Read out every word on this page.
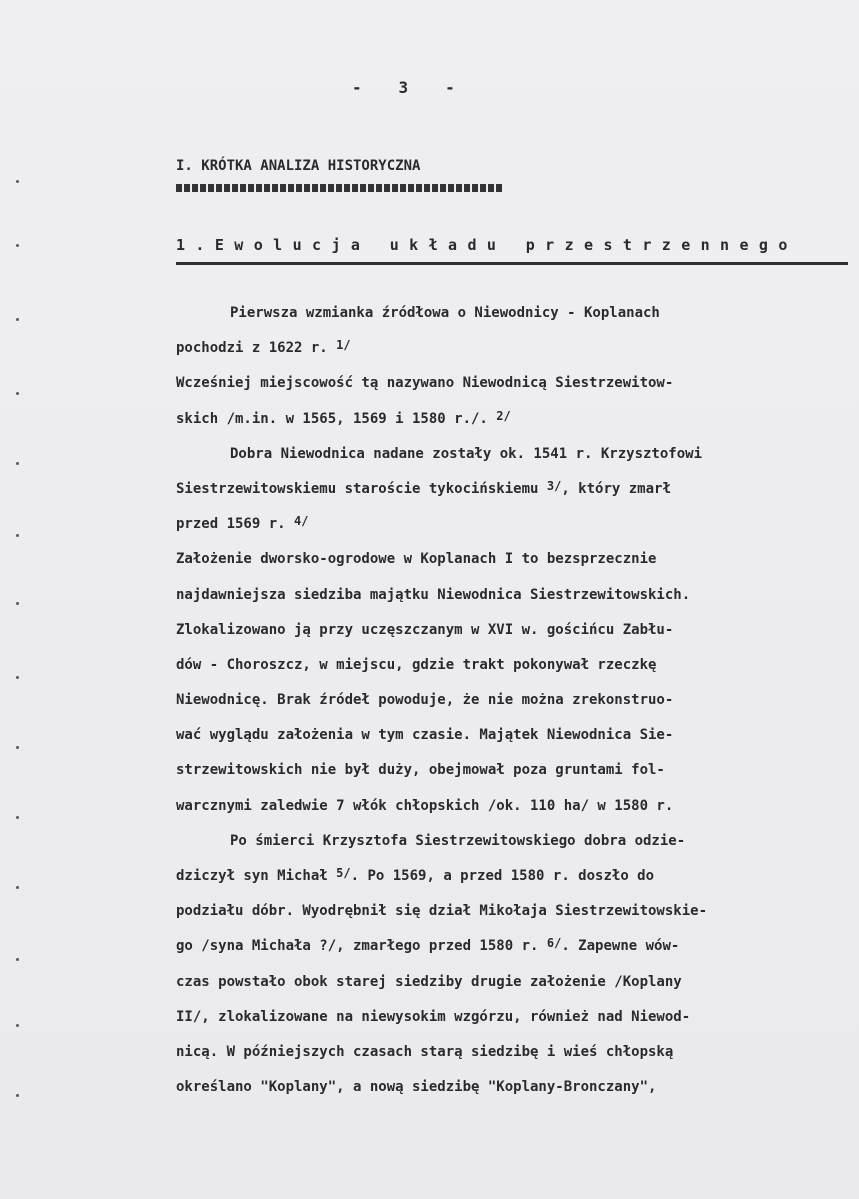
-   3   -
I. KRÓTKA ANALIZA HISTORYCZNA
1.Ewolucja układu przestrzennego
Pierwsza wzmianka źródłowa o Niewodnicy - Koplanach
pochodzi z 1622 r. $^{1/}$
Wcześniej miejscowość tą nazywano Niewodnicą Siestrzewitow-
skich /m.in. w 1565, 1569 i 1580 r./. $^{2/}$
Dobra Niewodnica nadane zostały ok. 1541 r. Krzysztofowi
Siestrzewitowskiemu staroście tykocińskiemu $^{3/}$, który zmarł
przed 1569 r. $^{4/}$
Założenie dworsko-ogrodowe w Koplanach I to bezsprzecznie
najdawniejsza siedziba majątku Niewodnica Siestrzewitowskich.
Zlokalizowano ją przy uczęszczanym w XVI w. gościńcu Zabłu-
dów - Choroszcz, w miejscu, gdzie trakt pokonywał rzeczkę
Niewodnicę. Brak źródeł powoduje, że nie można zrekonstruo-
wać wyglądu założenia w tym czasie. Majątek Niewodnica Sie-
strzewitowskich nie był duży, obejmował poza gruntami fol-
warcznymi zaledwie 7 włók chłopskich /ok. 110 ha/ w 1580 r.
Po śmierci Krzysztofa Siestrzewitowskiego dobra odzie-
dziczył syn Michał $^{5/}$. Po 1569, a przed 1580 r. doszło do
podziału dóbr. Wyodrębnił się dział Mikołaja Siestrzewitowskie-
go /syna Michała ?/, zmarłego przed 1580 r. $^{6/}$. Zapewne wów-
czas powstało obok starej siedziby drugie założenie /Koplany
II/, zlokalizowane na niewysokim wzgórzu, również nad Niewod-
nicą. W późniejszych czasach starą siedzibę i wieś chłopską
określano "Koplany", a nową siedzibę "Koplany-Bronczany",
